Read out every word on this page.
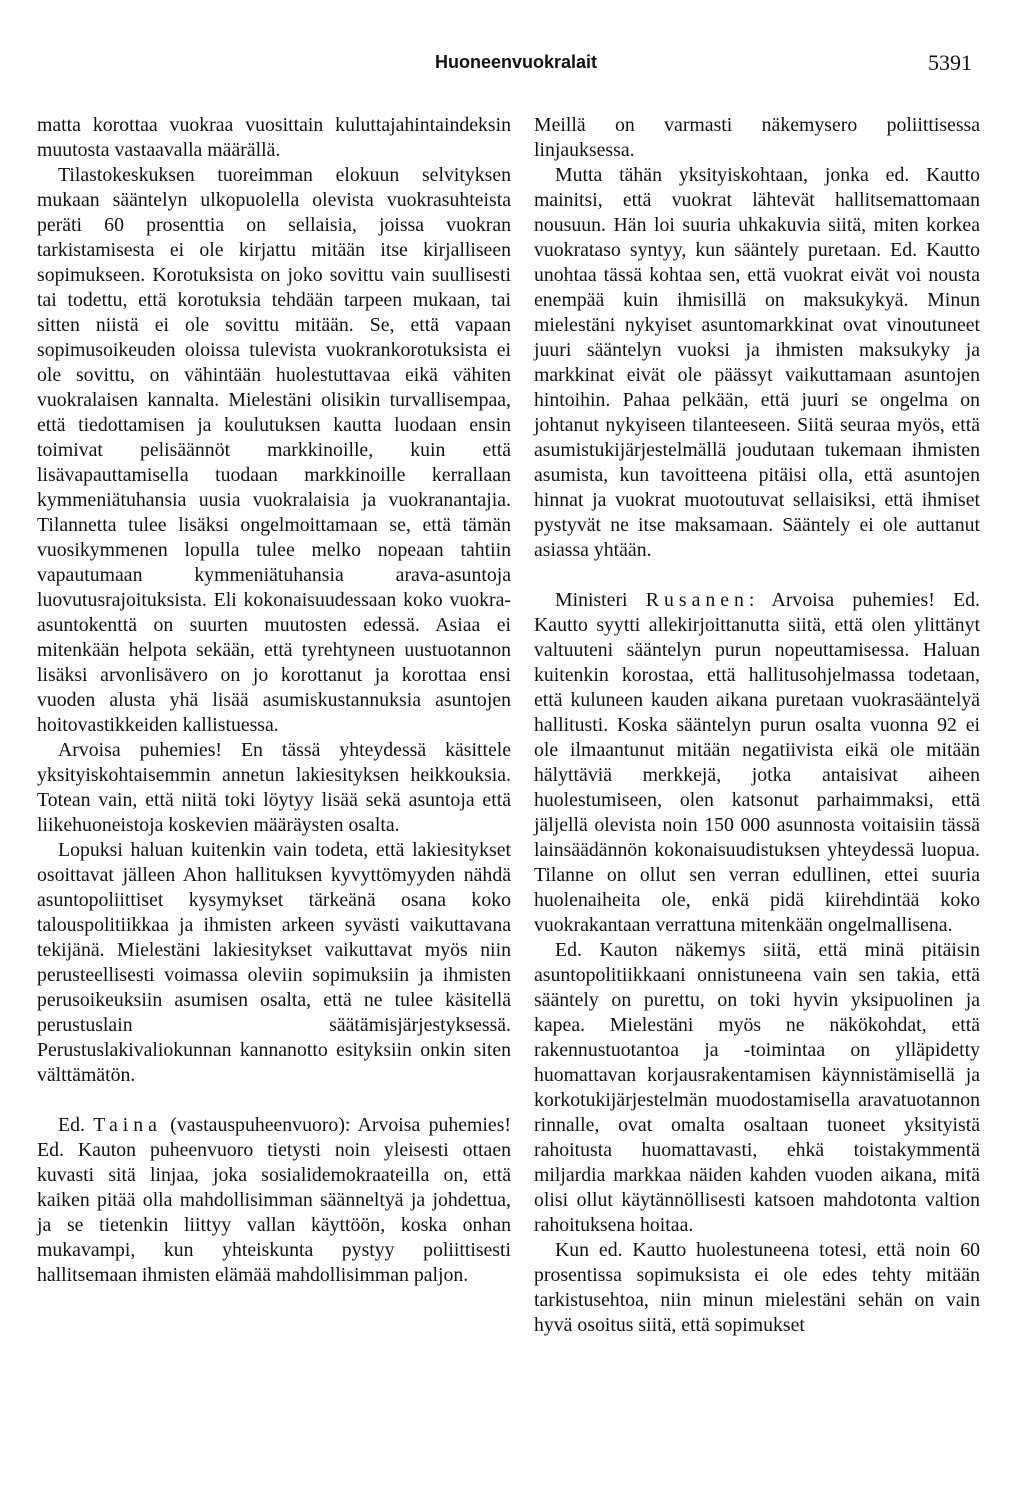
Huoneenvuokralait	5391

matta korottaa vuokraa vuosittain kuluttajahintaindeksin muutosta vastaavalla määrällä.

Tilastokeskuksen tuoreimman elokuun selvityksen mukaan sääntelyn ulkopuolella olevista vuokrasuhteista peräti 60 prosenttia on sellaisia, joissa vuokran tarkistamisesta ei ole kirjattu mitään itse kirjalliseen sopimukseen. Korotuksista on joko sovittu vain suullisesti tai todettu, että korotuksia tehdään tarpeen mukaan, tai sitten niistä ei ole sovittu mitään. Se, että vapaan sopimusoikeuden oloissa tulevista vuokrankorotuksista ei ole sovittu, on vähintään huolestuttavaa eikä vähiten vuokralaisen kannalta. Mielestäni olisikin turvallisempaa, että tiedottamisen ja koulutuksen kautta luodaan ensin toimivat pelisäännöt markkinoille, kuin että lisävapauttamisella tuodaan markkinoille kerrallaan kymmeniätuhansia uusia vuokralaisia ja vuokranantajia. Tilannetta tulee lisäksi ongelmoittamaan se, että tämän vuosikymmenen lopulla tulee melko nopeaan tahtiin vapautumaan kymmeniätuhansia arava-asuntoja luovutusrajoituksista. Eli kokonaisuudessaan koko vuokra-asuntokenttä on suurten muutosten edessä. Asiaa ei mitenkään helpota sekään, että tyrehtyneen uustuotannon lisäksi arvonlisävero on jo korottanut ja korottaa ensi vuoden alusta yhä lisää asumiskustannuksia asuntojen hoitovastikkeiden kallistuessa.

Arvoisa puhemies! En tässä yhteydessä käsittele yksityiskohtaisemmin annetun lakiesityksen heikkouksia. Totean vain, että niitä toki löytyy lisää sekä asuntoja että liikehuoneistoja koskevien määräysten osalta.

Lopuksi haluan kuitenkin vain todeta, että lakiesitykset osoittavat jälleen Ahon hallituksen kyvyttömyyden nähdä asuntopoliittiset kysymykset tärkeänä osana koko talouspolitiikkaa ja ihmisten arkeen syvästi vaikuttavana tekijänä. Mielestäni lakiesitykset vaikuttavat myös niin perusteellisesti voimassa oleviin sopimuksiin ja ihmisten perusoikeuksiin asumisen osalta, että ne tulee käsitellä perustuslain säätämisjärjestyksessä. Perustuslakivaliokunnan kannanotto esityksiin onkin siten välttämätön.

Ed. Taina (vastauspuheenvuoro): Arvoisa puhemies! Ed. Kauton puheenvuoro tietysti noin yleisesti ottaen kuvasti sitä linjaa, joka sosialidemokraateilla on, että kaiken pitää olla mahdollisimman säänneltyä ja johdettua, ja se tietenkin liittyy vallan käyttöön, koska onhan mukavampi, kun yhteiskunta pystyy poliittisesti hallitsemaan ihmisten elämää mahdollisimman paljon.

Meillä on varmasti näkemysero poliittisessa linjauksessa.

Mutta tähän yksityiskohtaan, jonka ed. Kautto mainitsi, että vuokrat lähtevät hallitsemattomaan nousuun. Hän loi suuria uhkakuvia siitä, miten korkea vuokrataso syntyy, kun sääntely puretaan. Ed. Kautto unohtaa tässä kohtaa sen, että vuokrat eivät voi nousta enempää kuin ihmisillä on maksukykyä. Minun mielestäni nykyiset asuntomarkkinat ovat vinoutuneet juuri sääntelyn vuoksi ja ihmisten maksukyky ja markkinat eivät ole päässyt vaikuttamaan asuntojen hintoihin. Pahaa pelkään, että juuri se ongelma on johtanut nykyiseen tilanteeseen. Siitä seuraa myös, että asumistukijärjestelmällä joudutaan tukemaan ihmisten asumista, kun tavoitteena pitäisi olla, että asuntojen hinnat ja vuokrat muotoutuvat sellaisiksi, että ihmiset pystyvät ne itse maksamaan. Sääntely ei ole auttanut asiassa yhtään.

Ministeri Rusanen: Arvoisa puhemies! Ed. Kautto syytti allekirjoittanutta siitä, että olen ylittänyt valtuuteni sääntelyn purun nopeuttamisessa. Haluan kuitenkin korostaa, että hallitusohjelmassa todetaan, että kuluneen kauden aikana puretaan vuokrasääntelyä hallitusti. Koska sääntelyn purun osalta vuonna 92 ei ole ilmaantunut mitään negatiivista eikä ole mitään hälyttäviä merkkejä, jotka antaisivat aiheen huolestumiseen, olen katsonut parhaimmaksi, että jäljellä olevista noin 150 000 asunnosta voitaisiin tässä lainsäädännön kokonaisuudistuksen yhteydessä luopua. Tilanne on ollut sen verran edullinen, ettei suuria huolenaiheita ole, enkä pidä kiirehdintää koko vuokrakantaan verrattuna mitenkään ongelmallisena.

Ed. Kauton näkemys siitä, että minä pitäisin asuntopolitiikkaani onnistuneena vain sen takia, että sääntely on purettu, on toki hyvin yksipuolinen ja kapea. Mielestäni myös ne näkökohdat, että rakennustuotantoa ja -toimintaa on ylläpidetty huomattavan korjausrakentamisen käynnistämisellä ja korkotukijärjestelmän muodostamisella aravatuotannon rinnalle, ovat omalta osaltaan tuoneet yksityistä rahoitusta huomattavasti, ehkä toistakymmentä miljardia markkaa näiden kahden vuoden aikana, mitä olisi ollut käytännöllisesti katsoen mahdotonta valtion rahoituksena hoitaa.

Kun ed. Kautto huolestuneena totesi, että noin 60 prosentissa sopimuksista ei ole edes tehty mitään tarkistusehtoa, niin minun mielestäni sehän on vain hyvä osoitus siitä, että sopimukset
